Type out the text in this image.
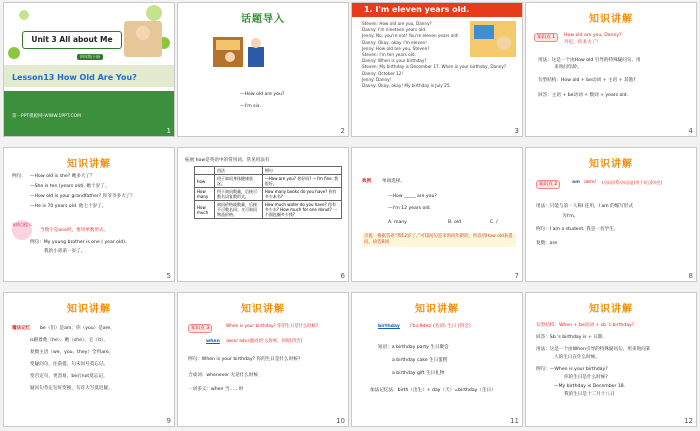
Unit 3 All about Me
四年级下册
Lesson13 How Old Are You?
第一PPT模板网-WWW.1PPT.COM
1
话题导入
—How old are you?
—I'm six.
2
1. I'm eleven years old.
Steven: How old are you, Danny?
Danny: I'm nineteen years old.
Jenny: No, you're not! You're eleven years old!
Danny: Okay, okay. I'm eleven!
Jenny: How old are you, Steven?
Steven: I'm ten years old.
Danny: When is your birthday?
Steven: My birthday is December 17. When is your birthday, Danny?
Danny: October 12!
Jenny: Danny!
Danny: Okay, okay! My birthday is July 25.
3
知识讲解
知识点 1	How old are you, Danny?
丹尼，你多大了？
用法：这是一个由How old 引导的特殊疑问句，用
来询问年龄。
句型结构：How old + be动词 + 主语 + 其他?
回答：主语 + be动词 + 数词 + years old.
4
知识讲解
例句： —How old is she? 她多大了？
—She is ten (years old). 她十岁了。
—How old is your grandfather? 你爷爷多大了？
—He is 70 years old. 他七十岁了。
易错点提示
当数字是one时，要用单数形式。
例句：My young brother is one ( year old).
我的小弟弟一岁了。
5
拓展 how是英语中的常用词，常见用法有
	用法	例句
how	用于询问身体健康状况。	—How are you? 你好吗? —I'm fine. 我很好。
How many	用于询问数量，后接可数名词复数形式。	How many books do you have? 你有多少本书?
How much	询问价格或数量，后接不可数名词；又可询问物品价格。	How much water do you have? 你有多少水? How much for one donut? 一个面包圈多少钱?
6
典例 单项选择。
—How _____ are you?
—I'm 12 years old.
A. many	B. old	C. /
点拨：根据答语“我12岁了。”可知问句是来询问年龄的，所以用How old来提问。故选B项
7
知识讲解
知识点 2	am /æm/ (动词)(系动词)是(用于I后)[四会]
用法：只能与第一人称I 连用，I am 的缩写形式
为I'm。
例句：I am a student. 我是一名学生。
复数：are
8
知识讲解
魔法记忆 be（们）是am，你（you）是are，
is跟着他（he）、她（she）、它（it），
复数主语（we、you、they）全用are。
变疑问句，往前提，句末问号莫忘记。
变否定句，更容易，be后not莫忘记。
疑问句肯定句好变换，句首大写莫迟疑。
9
知识讲解
知识点 3	When is your birthday? 你的生日是什么时候?
when /wen/ adv.(副词)什么时候，何时[四会]
例句：When is your birthday? 你的生日是什么时候?
合成词：whenever 无论什么时候
一词多义：when 当……时
10
知识讲解
birthday /ˈbɜːθdeɪ/ (名词) 生日 [四会]
短语：a birthday party 生日聚会
a birthday cake 生日蛋糕
a birthday gift 生日礼物
加法记忆法：birth（出生）+ day（天）=birthday（生日）
11
知识讲解
句型结构：When + be动词 + sb.'s birthday?
回答：Sb.'s birthday is + 日期.
用法：这是一个由When引导的特殊疑问句，用来询问某
人的生日在什么时候。
例句：—When is your birthday?
你的生日是什么时候?
—My birthday is December 18.
我的生日是十二月十八日
12
